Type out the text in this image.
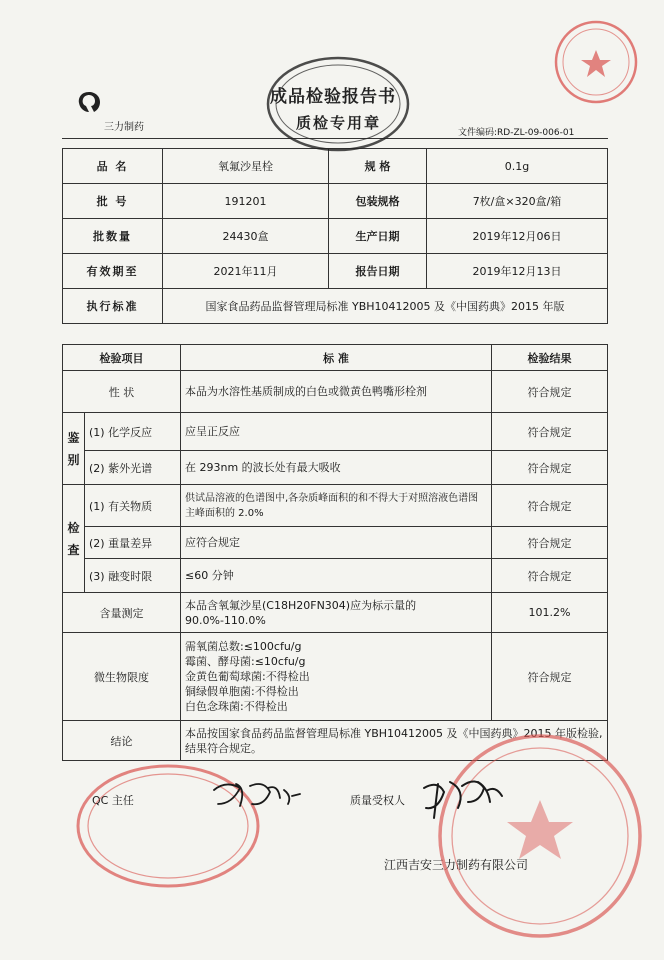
三力制药
成品检验报告书
质检专用章
文件编码:RD-ZL-09-006-01
品 名	氧氟沙星栓	规 格	0.1g
批 号	191201	包装规格	7枚/盒×320盒/箱
批数量	24430盒	生产日期	2019年12月06日
有效期至	2021年11月	报告日期	2019年12月13日
执行标准	国家食品药品监督管理局标准 YBH10412005 及《中国药典》2015 年版		
检验项目		标 准	检验结果
性 状		本品为水溶性基质制成的白色或微黄色鸭嘴形栓剂	符合规定
鉴别	(1) 化学反应	应呈正反应	符合规定
	(2) 紫外光谱	在 293nm 的波长处有最大吸收	符合规定
检查	(1) 有关物质	供试品溶液的色谱图中,各杂质峰面积的和不得大于对照溶液色谱图主峰面积的 2.0%	符合规定
	(2) 重量差异	应符合规定	符合规定
	(3) 融变时限	≤60 分钟	符合规定
含量测定		本品含氧氟沙星(C18H20FN304)应为标示量的 90.0%-110.0%	101.2%
微生物限度		需氧菌总数:≤100cfu/g
霉菌、酵母菌:≤10cfu/g
金黄色葡萄球菌:不得检出
铜绿假单胞菌:不得检出
白色念珠菌:不得检出	符合规定
结论		本品按国家食品药品监督管理局标准 YBH10412005 及《中国药典》2015 年版检验,结果符合规定。	
QC 主任	质量受权人
江西吉安三力制药有限公司
